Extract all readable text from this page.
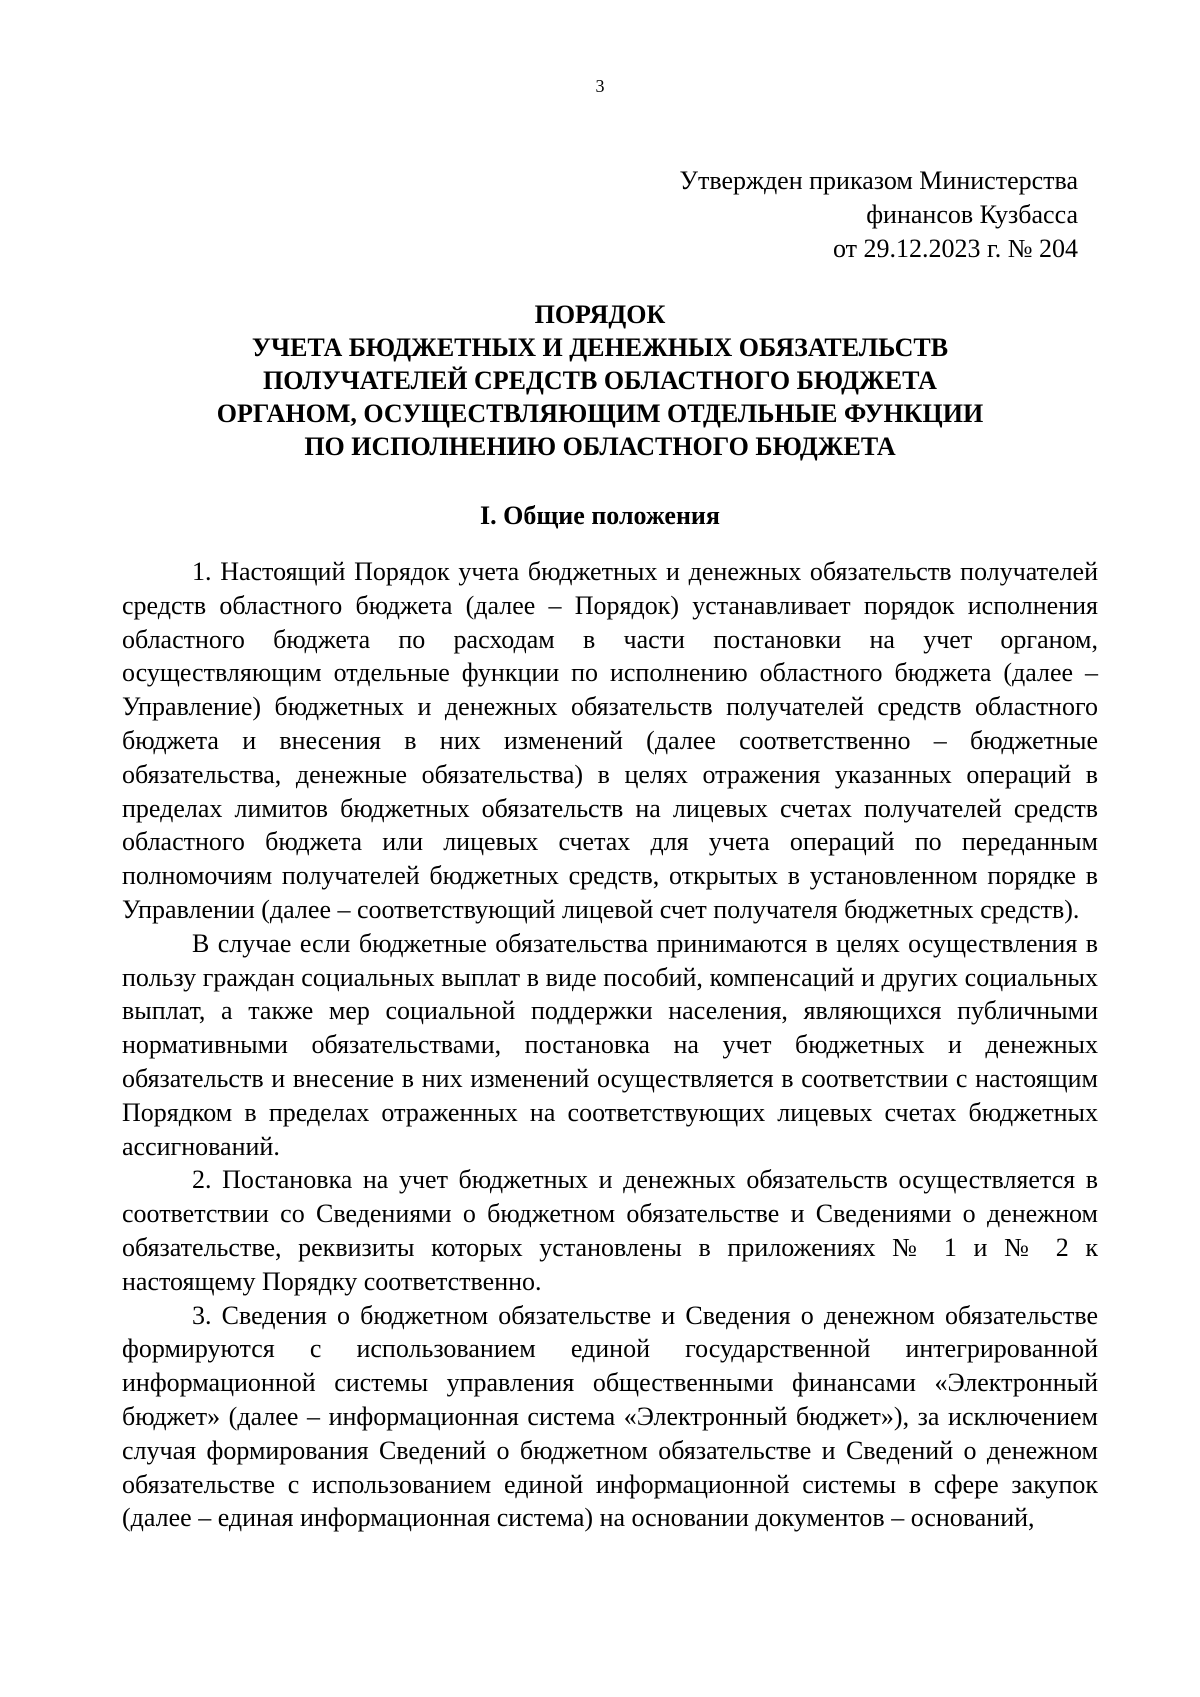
3
Утвержден приказом Министерства
финансов Кузбасса
от 29.12.2023 г. № 204
ПОРЯДОК
УЧЕТА БЮДЖЕТНЫХ И ДЕНЕЖНЫХ ОБЯЗАТЕЛЬСТВ
ПОЛУЧАТЕЛЕЙ СРЕДСТВ ОБЛАСТНОГО БЮДЖЕТА
ОРГАНОМ, ОСУЩЕСТВЛЯЮЩИМ ОТДЕЛЬНЫЕ ФУНКЦИИ
ПО ИСПОЛНЕНИЮ ОБЛАСТНОГО БЮДЖЕТА
I. Общие положения

1. Настоящий Порядок учета бюджетных и денежных обязательств получателей средств областного бюджета (далее – Порядок) устанавливает порядок исполнения областного бюджета по расходам в части постановки на учет органом, осуществляющим отдельные функции по исполнению областного бюджета (далее – Управление) бюджетных и денежных обязательств получателей средств областного бюджета и внесения в них изменений (далее соответственно – бюджетные обязательства, денежные обязательства) в целях отражения указанных операций в пределах лимитов бюджетных обязательств на лицевых счетах получателей средств областного бюджета или лицевых счетах для учета операций по переданным полномочиям получателей бюджетных средств, открытых в установленном порядке в Управлении (далее – соответствующий лицевой счет получателя бюджетных средств).

В случае если бюджетные обязательства принимаются в целях осуществления в пользу граждан социальных выплат в виде пособий, компенсаций и других социальных выплат, а также мер социальной поддержки населения, являющихся публичными нормативными обязательствами, постановка на учет бюджетных и денежных обязательств и внесение в них изменений осуществляется в соответствии с настоящим Порядком в пределах отраженных на соответствующих лицевых счетах бюджетных ассигнований.

2. Постановка на учет бюджетных и денежных обязательств осуществляется в соответствии со Сведениями о бюджетном обязательстве и Сведениями о денежном обязательстве, реквизиты которых установлены в приложениях № 1 и № 2 к настоящему Порядку соответственно.

3. Сведения о бюджетном обязательстве и Сведения о денежном обязательстве формируются с использованием единой государственной интегрированной информационной системы управления общественными финансами «Электронный бюджет» (далее – информационная система «Электронный бюджет»), за исключением случая формирования Сведений о бюджетном обязательстве и Сведений о денежном обязательстве с использованием единой информационной системы в сфере закупок (далее – единая информационная система) на основании документов – оснований,
